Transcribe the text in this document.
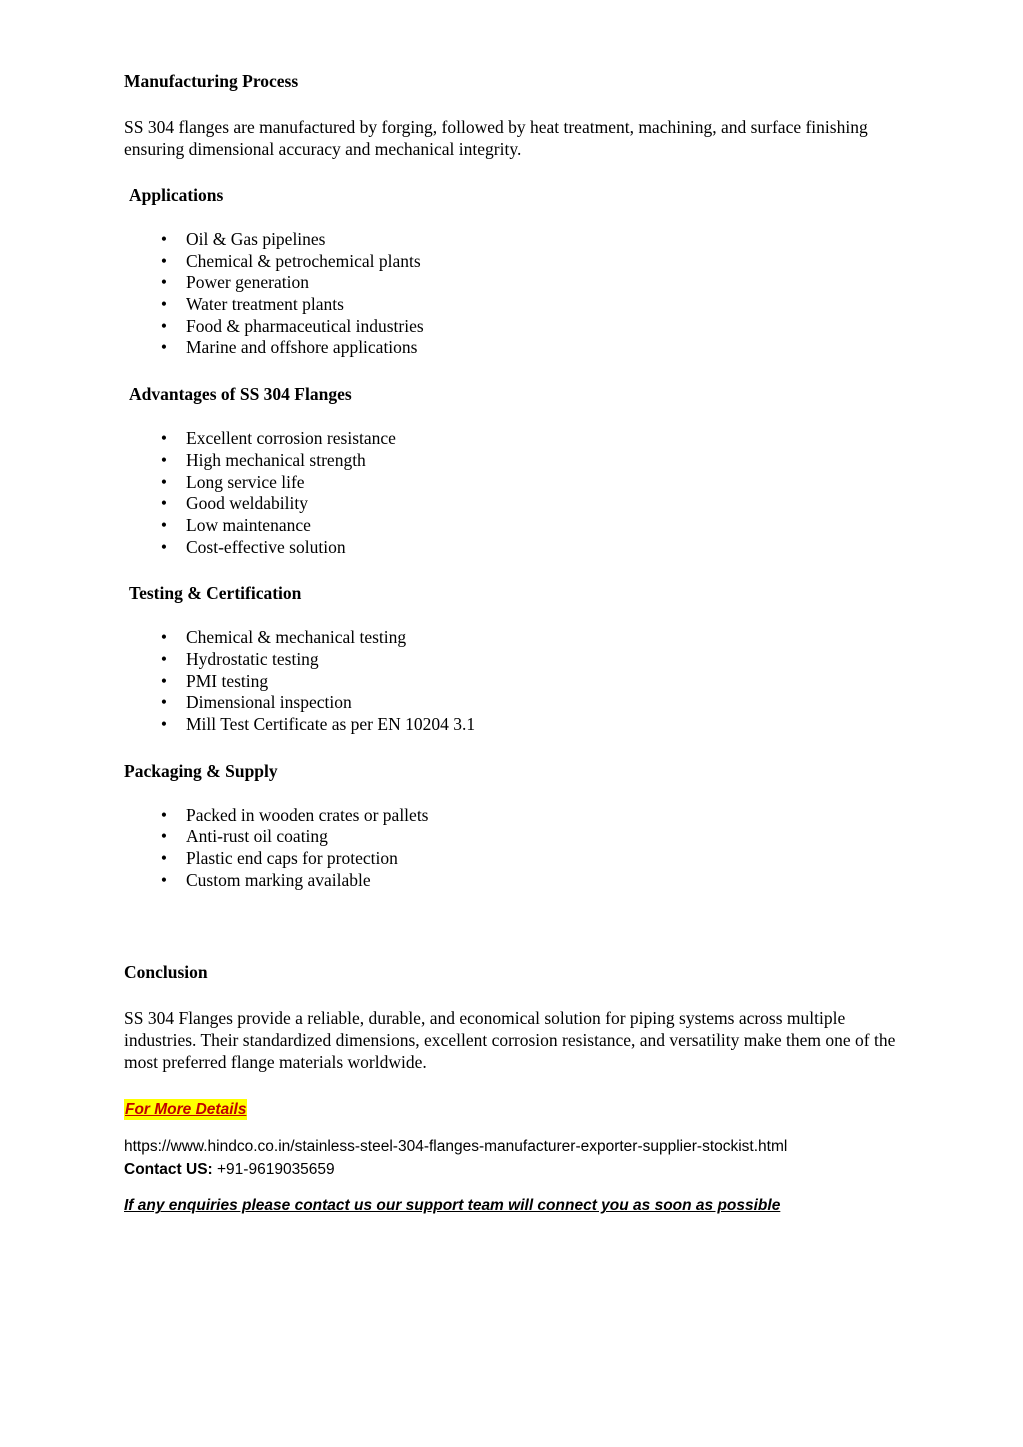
Manufacturing Process

SS 304 flanges are manufactured by forging, followed by heat treatment, machining, and surface finishing ensuring dimensional accuracy and mechanical integrity.

Applications
• Oil & Gas pipelines
• Chemical & petrochemical plants
• Power generation
• Water treatment plants
• Food & pharmaceutical industries
• Marine and offshore applications
Advantages of SS 304 Flanges
• Excellent corrosion resistance
• High mechanical strength
• Long service life
• Good weldability
• Low maintenance
• Cost-effective solution
Testing & Certification
• Chemical & mechanical testing
• Hydrostatic testing
• PMI testing
• Dimensional inspection
• Mill Test Certificate as per EN 10204 3.1
Packaging & Supply
• Packed in wooden crates or pallets
• Anti-rust oil coating
• Plastic end caps for protection
• Custom marking available
Conclusion

SS 304 Flanges provide a reliable, durable, and economical solution for piping systems across multiple industries. Their standardized dimensions, excellent corrosion resistance, and versatility make them one of the most preferred flange materials worldwide.

For More Details
https://www.hindco.co.in/stainless-steel-304-flanges-manufacturer-exporter-supplier-stockist.html
Contact US: +91-9619035659
If any enquiries please contact us our support team will connect you as soon as possible
